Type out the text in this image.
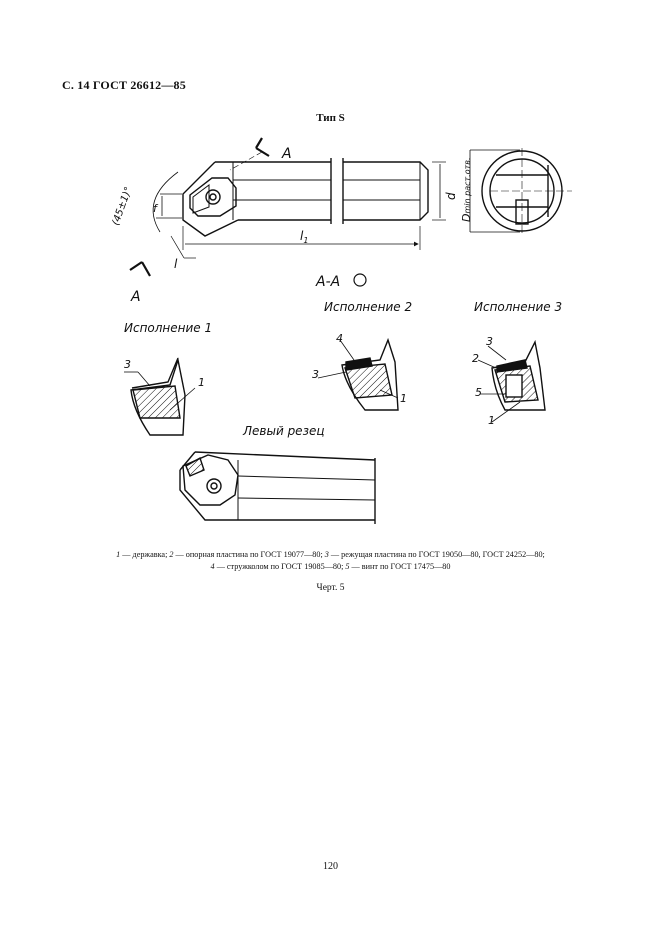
С. 14 ГОСТ 26612—85
Тип S
А
А
(45±1)° f
l
$l_1$
d
Dmin раст.отв.
А-А
Исполнение 1
Исполнение 2	Исполнение 3
Левый резец
3
1
4
3
1
3
2
5
1
1 — державка; 2 — опорная пластина по ГОСТ 19077—80; 3 — режущая пластина по ГОСТ 19050—80, ГОСТ 24252—80;
4 — стружколом по ГОСТ 19085—80; 5 — винт по ГОСТ 17475—80
Черт. 5
120
